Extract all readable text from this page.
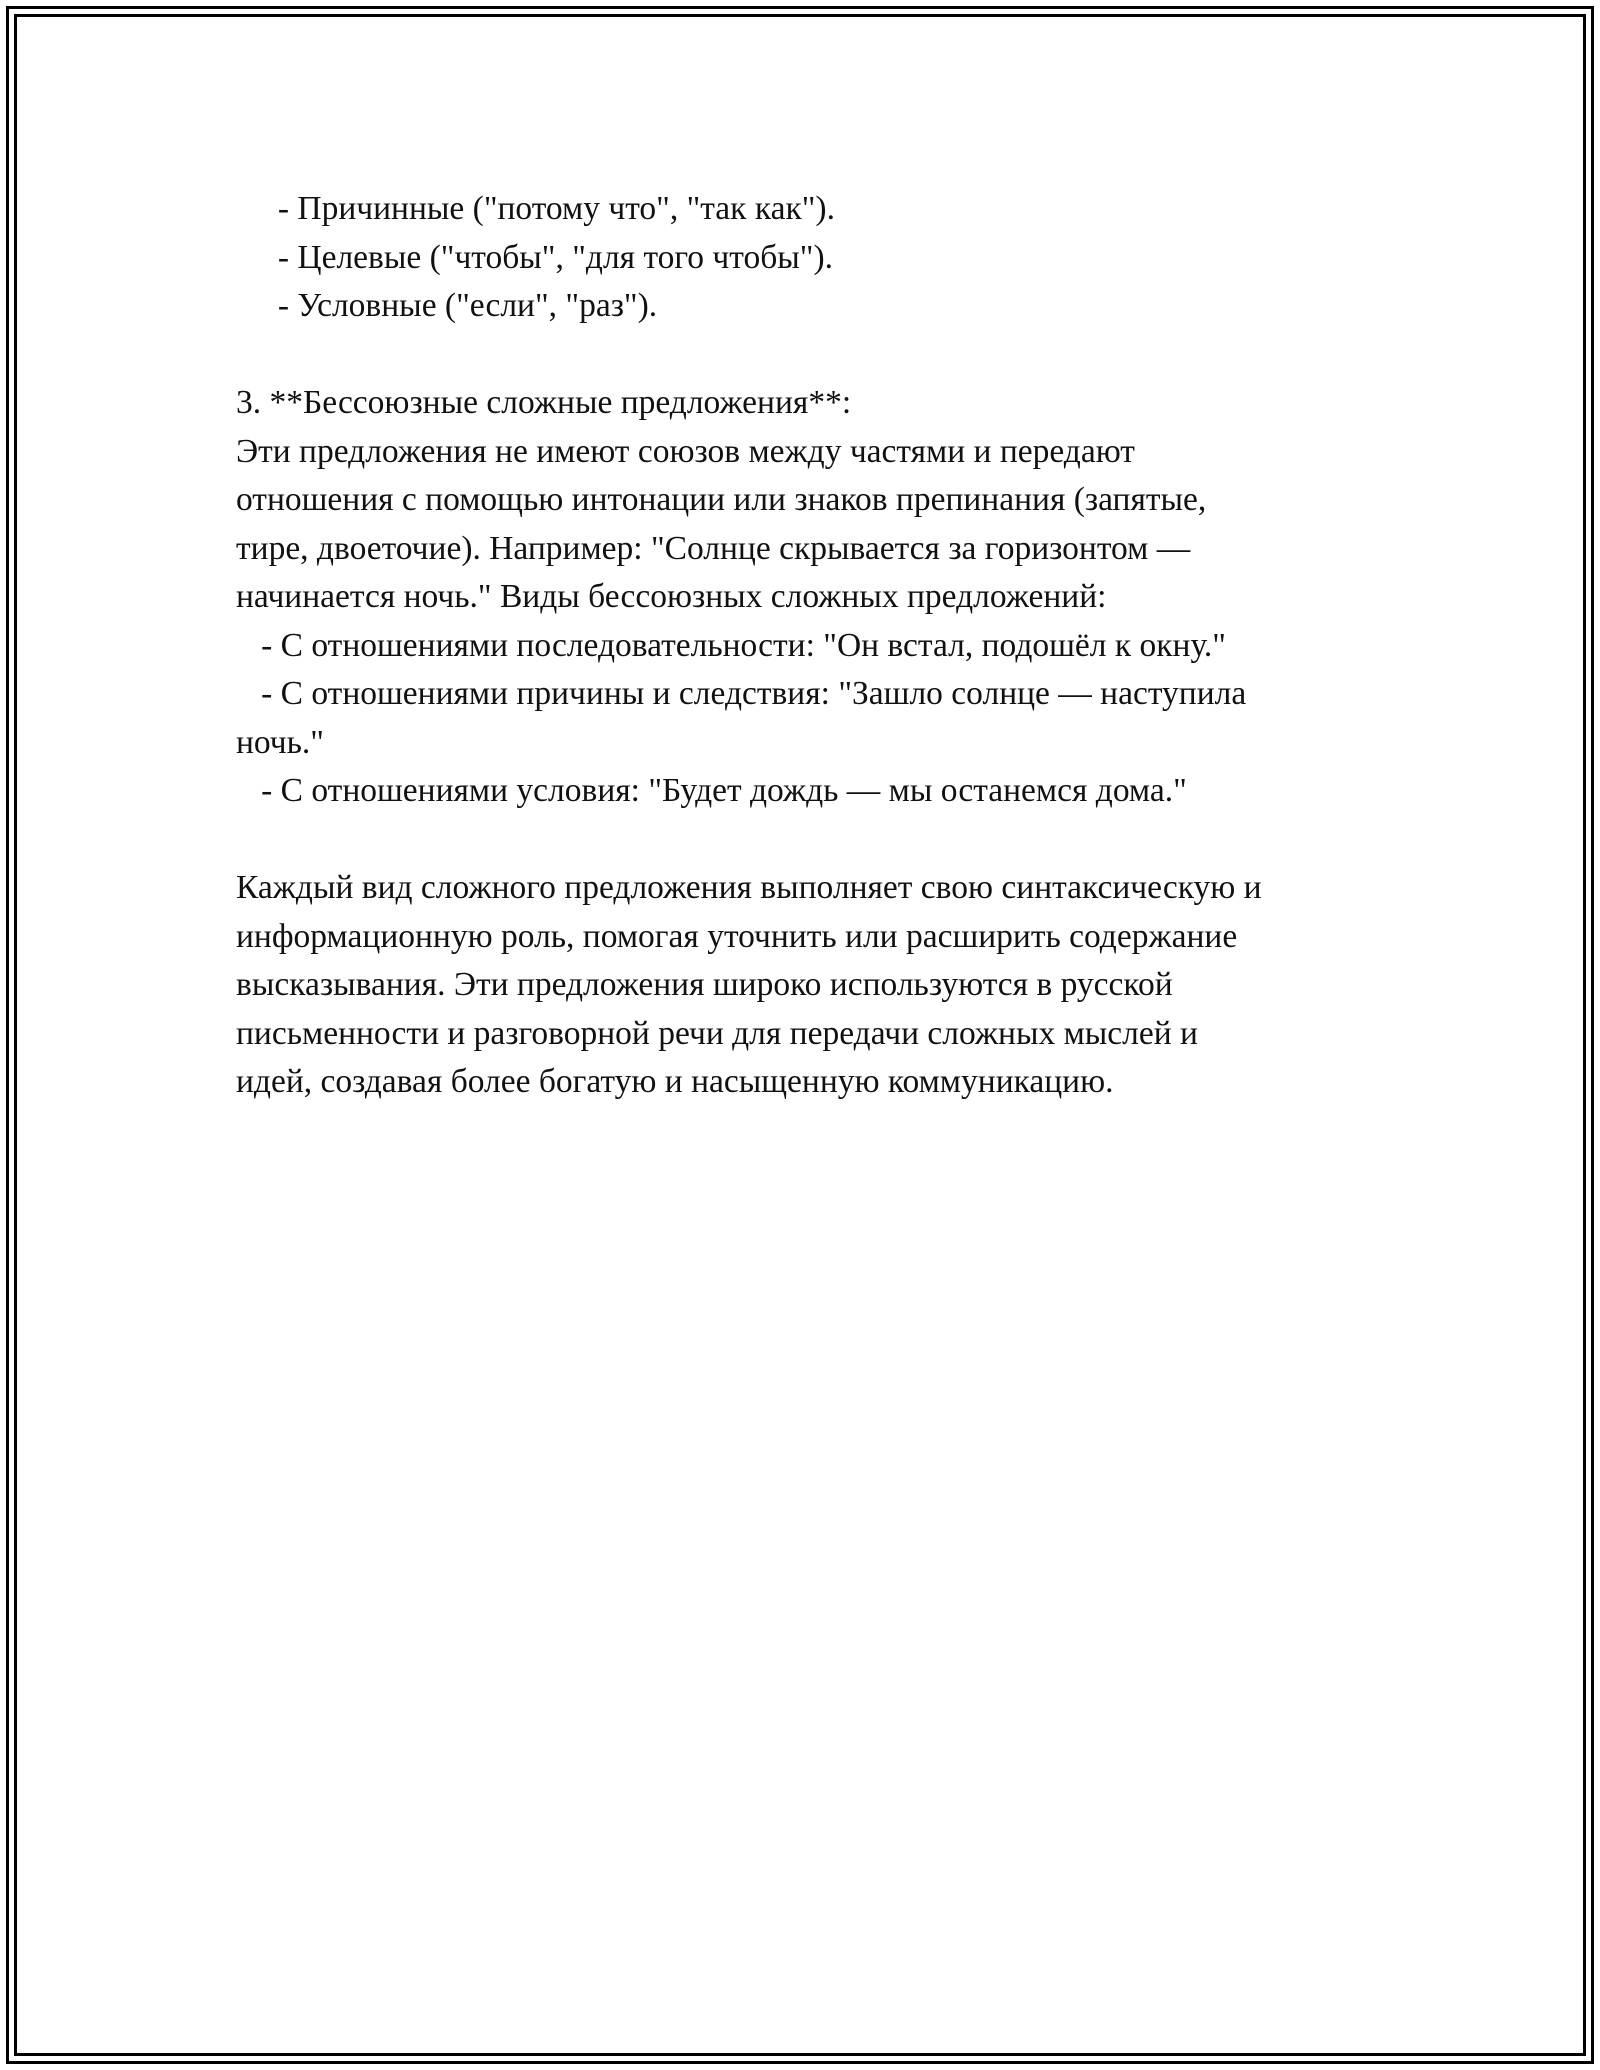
- Причинные ("потому что", "так как").

- Целевые ("чтобы", "для того чтобы").

- Условные ("если", "раз").

3. **Бессоюзные сложные предложения**:

Эти предложения не имеют союзов между частями и передают

отношения с помощью интонации или знаков препинания (запятые,

тире, двоеточие). Например: "Солнце скрывается за горизонтом —

начинается ночь." Виды бессоюзных сложных предложений:

- С отношениями последовательности: "Он встал, подошёл к окну."

- С отношениями причины и следствия: "Зашло солнце — наступила

ночь."

- С отношениями условия: "Будет дождь — мы останемся дома."

Каждый вид сложного предложения выполняет свою синтаксическую и

информационную роль, помогая уточнить или расширить содержание

высказывания. Эти предложения широко используются в русской

письменности и разговорной речи для передачи сложных мыслей и

идей, создавая более богатую и насыщенную коммуникацию.
